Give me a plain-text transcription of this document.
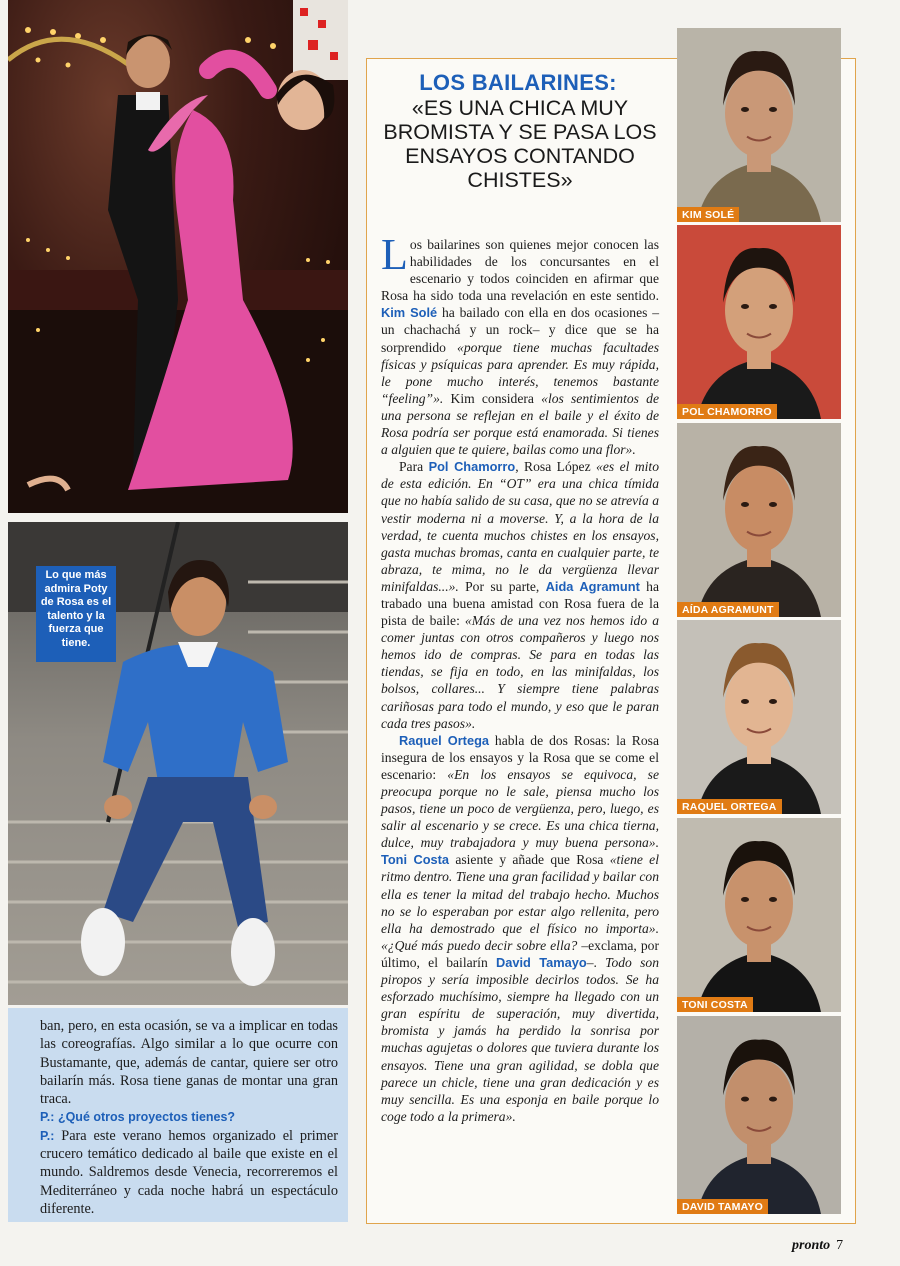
Lo que más admira Poty de Rosa es el talento y la fuerza que tiene.

ban, pero, en esta ocasión, se va a implicar en todas las coreografías. Algo similar a lo que ocurre con Bustamante, que, además de cantar, quiere ser otro bailarín más. Rosa tiene ganas de montar una gran traca.

P.: ¿Qué otros proyectos tienes?

P.: Para este verano hemos organizado el primer crucero temático dedicado al baile que existe en el mundo. Saldremos desde Venecia, recorreremos el Mediterráneo y cada noche habrá un espectáculo diferente.

LOS BAILARINES:
«ES UNA CHICA MUY BROMISTA Y SE PASA LOS ENSAYOS CONTANDO CHISTES»

Los bailarines son quienes mejor conocen las habilidades de los concursantes en el escenario y todos coinciden en afirmar que Rosa ha sido toda una revelación en este sentido. Kim Solé ha bailado con ella en dos ocasiones –un chachachá y un rock– y dice que se ha sorprendido «porque tiene muchas facultades físicas y psíquicas para aprender. Es muy rápida, le pone mucho interés, tenemos bastante “feeling”». Kim considera «los sentimientos de una persona se reflejan en el baile y el éxito de Rosa podría ser porque está enamorada. Si tienes a alguien que te quiere, bailas como una flor».

Para Pol Chamorro, Rosa López «es el mito de esta edición. En “OT” era una chica tímida que no había salido de su casa, que no se atrevía a vestir moderna ni a moverse. Y, a la hora de la verdad, te cuenta muchos chistes en los ensayos, gasta muchas bromas, canta en cualquier parte, te abraza, te mima, no le da vergüenza llevar minifaldas...». Por su parte, Aida Agramunt ha trabado una buena amistad con Rosa fuera de la pista de baile: «Más de una vez nos hemos ido a comer juntas con otros compañeros y luego nos hemos ido de compras. Se para en todas las tiendas, se fija en todo, en las minifaldas, los bolsos, collares... Y siempre tiene palabras cariñosas para todo el mundo, y eso que le paran cada tres pasos».

Raquel Ortega habla de dos Rosas: la Rosa insegura de los ensayos y la Rosa que se come el escenario: «En los ensayos se equivoca, se preocupa porque no le sale, piensa mucho los pasos, tiene un poco de vergüenza, pero, luego, es salir al escenario y se crece. Es una chica tierna, dulce, muy trabajadora y muy buena persona». Toni Costa asiente y añade que Rosa «tiene el ritmo dentro. Tiene una gran facilidad y bailar con ella es tener la mitad del trabajo hecho. Muchos no se lo esperaban por estar algo rellenita, pero ella ha demostrado que el físico no importa». «¿Qué más puedo decir sobre ella? –exclama, por último, el bailarín David Tamayo–. Todo son piropos y sería imposible decirlos todos. Se ha esforzado muchísimo, siempre ha llegado con un gran espíritu de superación, muy divertida, bromista y jamás ha perdido la sonrisa por muchas agujetas o dolores que tuviera durante los ensayos. Tiene una gran agilidad, se dobla que parece un chicle, tiene una gran dedicación y es muy sencilla. Es una esponja en baile porque lo coge todo a la primera».

KIM SOLÉ
POL CHAMORRO
AÍDA AGRAMUNT
RAQUEL ORTEGA
TONI COSTA
DAVID TAMAYO
pronto 7
